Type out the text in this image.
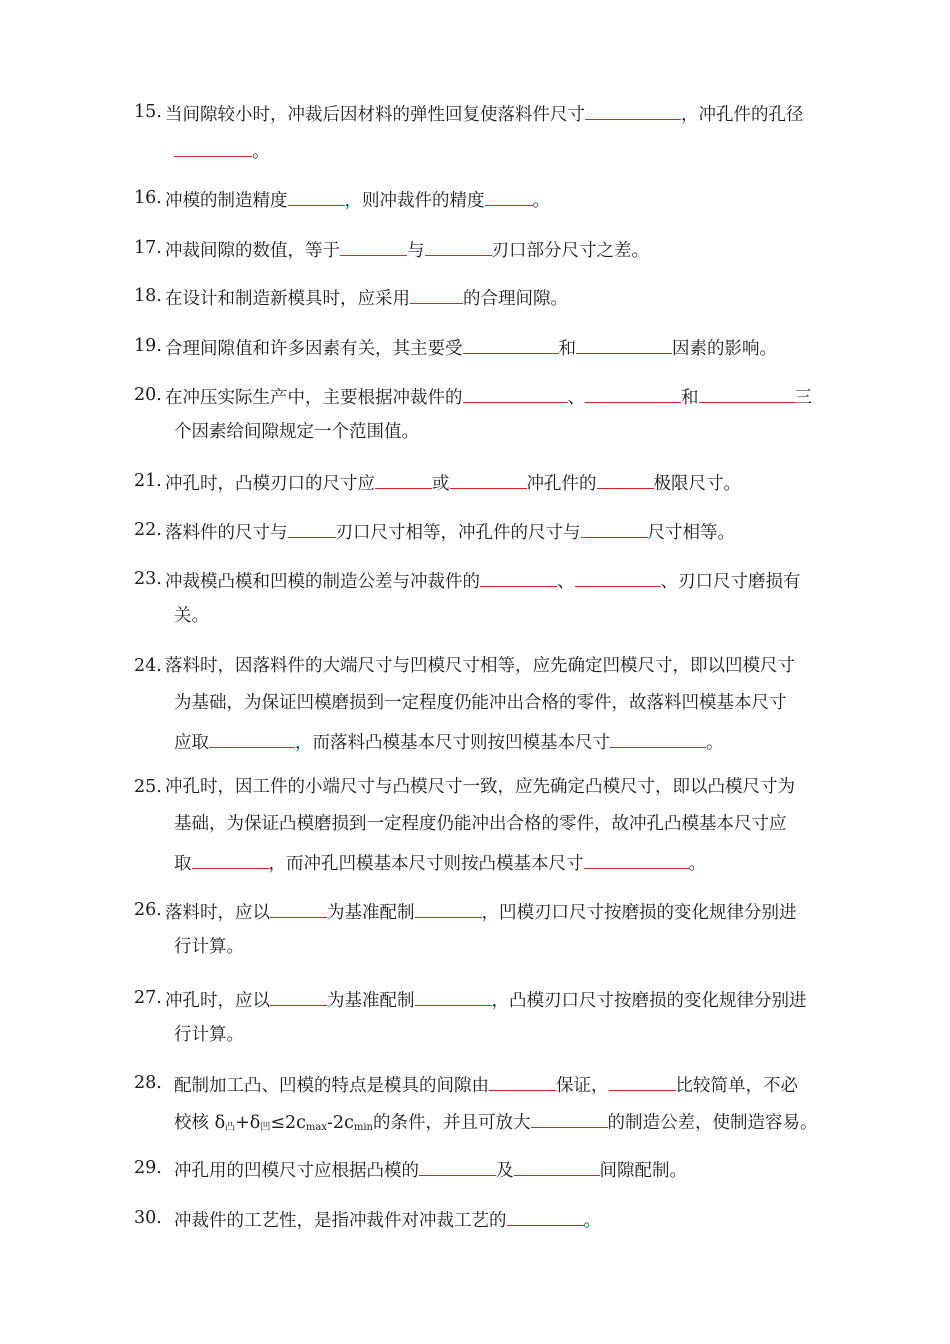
15. 当间隙较小时，冲裁后因材料的弹性回复使落料件尺寸	，冲孔件的孔径
。
16. 冲模的制造精度	，则冲裁件的精度	。
17. 冲裁间隙的数值，等于	与	刃口部分尺寸之差。
18. 在设计和制造新模具时，应采用	的合理间隙。
19. 合理间隙值和许多因素有关，其主要受	和	因素的影响。
20. 在冲压实际生产中，主要根据冲裁件的	、	和	三
个因素给间隙规定一个范围值。
21. 冲孔时，凸模刃口的尺寸应	或	冲孔件的	极限尺寸。
22. 落料件的尺寸与	刃口尺寸相等，冲孔件的尺寸与	尺寸相等。
23. 冲裁模凸模和凹模的制造公差与冲裁件的	、	、刃口尺寸磨损有
关。
24. 落料时，因落料件的大端尺寸与凹模尺寸相等，应先确定凹模尺寸，即以凹模尺寸
为基础，为保证凹模磨损到一定程度仍能冲出合格的零件，故落料凹模基本尺寸
应取	，而落料凸模基本尺寸则按凹模基本尺寸	。
25. 冲孔时，因工件的小端尺寸与凸模尺寸一致，应先确定凸模尺寸，即以凸模尺寸为
基础，为保证凸模磨损到一定程度仍能冲出合格的零件，故冲孔凸模基本尺寸应
取	，而冲孔凹模基本尺寸则按凸模基本尺寸	。
26. 落料时，应以	为基准配制	，凹模刃口尺寸按磨损的变化规律分别进
行计算。
27. 冲孔时，应以	为基准配制	，凸模刃口尺寸按磨损的变化规律分别进
行计算。
28. 配制加工凸、凹模的特点是模具的间隙由	保证，	比较简单，不必
校核 $\delta_凸+\delta_凹\le 2c_{max}-2c_{min}$的条件，并且可放大	的制造公差，使制造容易。
29. 冲孔用的凹模尺寸应根据凸模的	及	间隙配制。
30. 冲裁件的工艺性，是指冲裁件对冲裁工艺的	。
